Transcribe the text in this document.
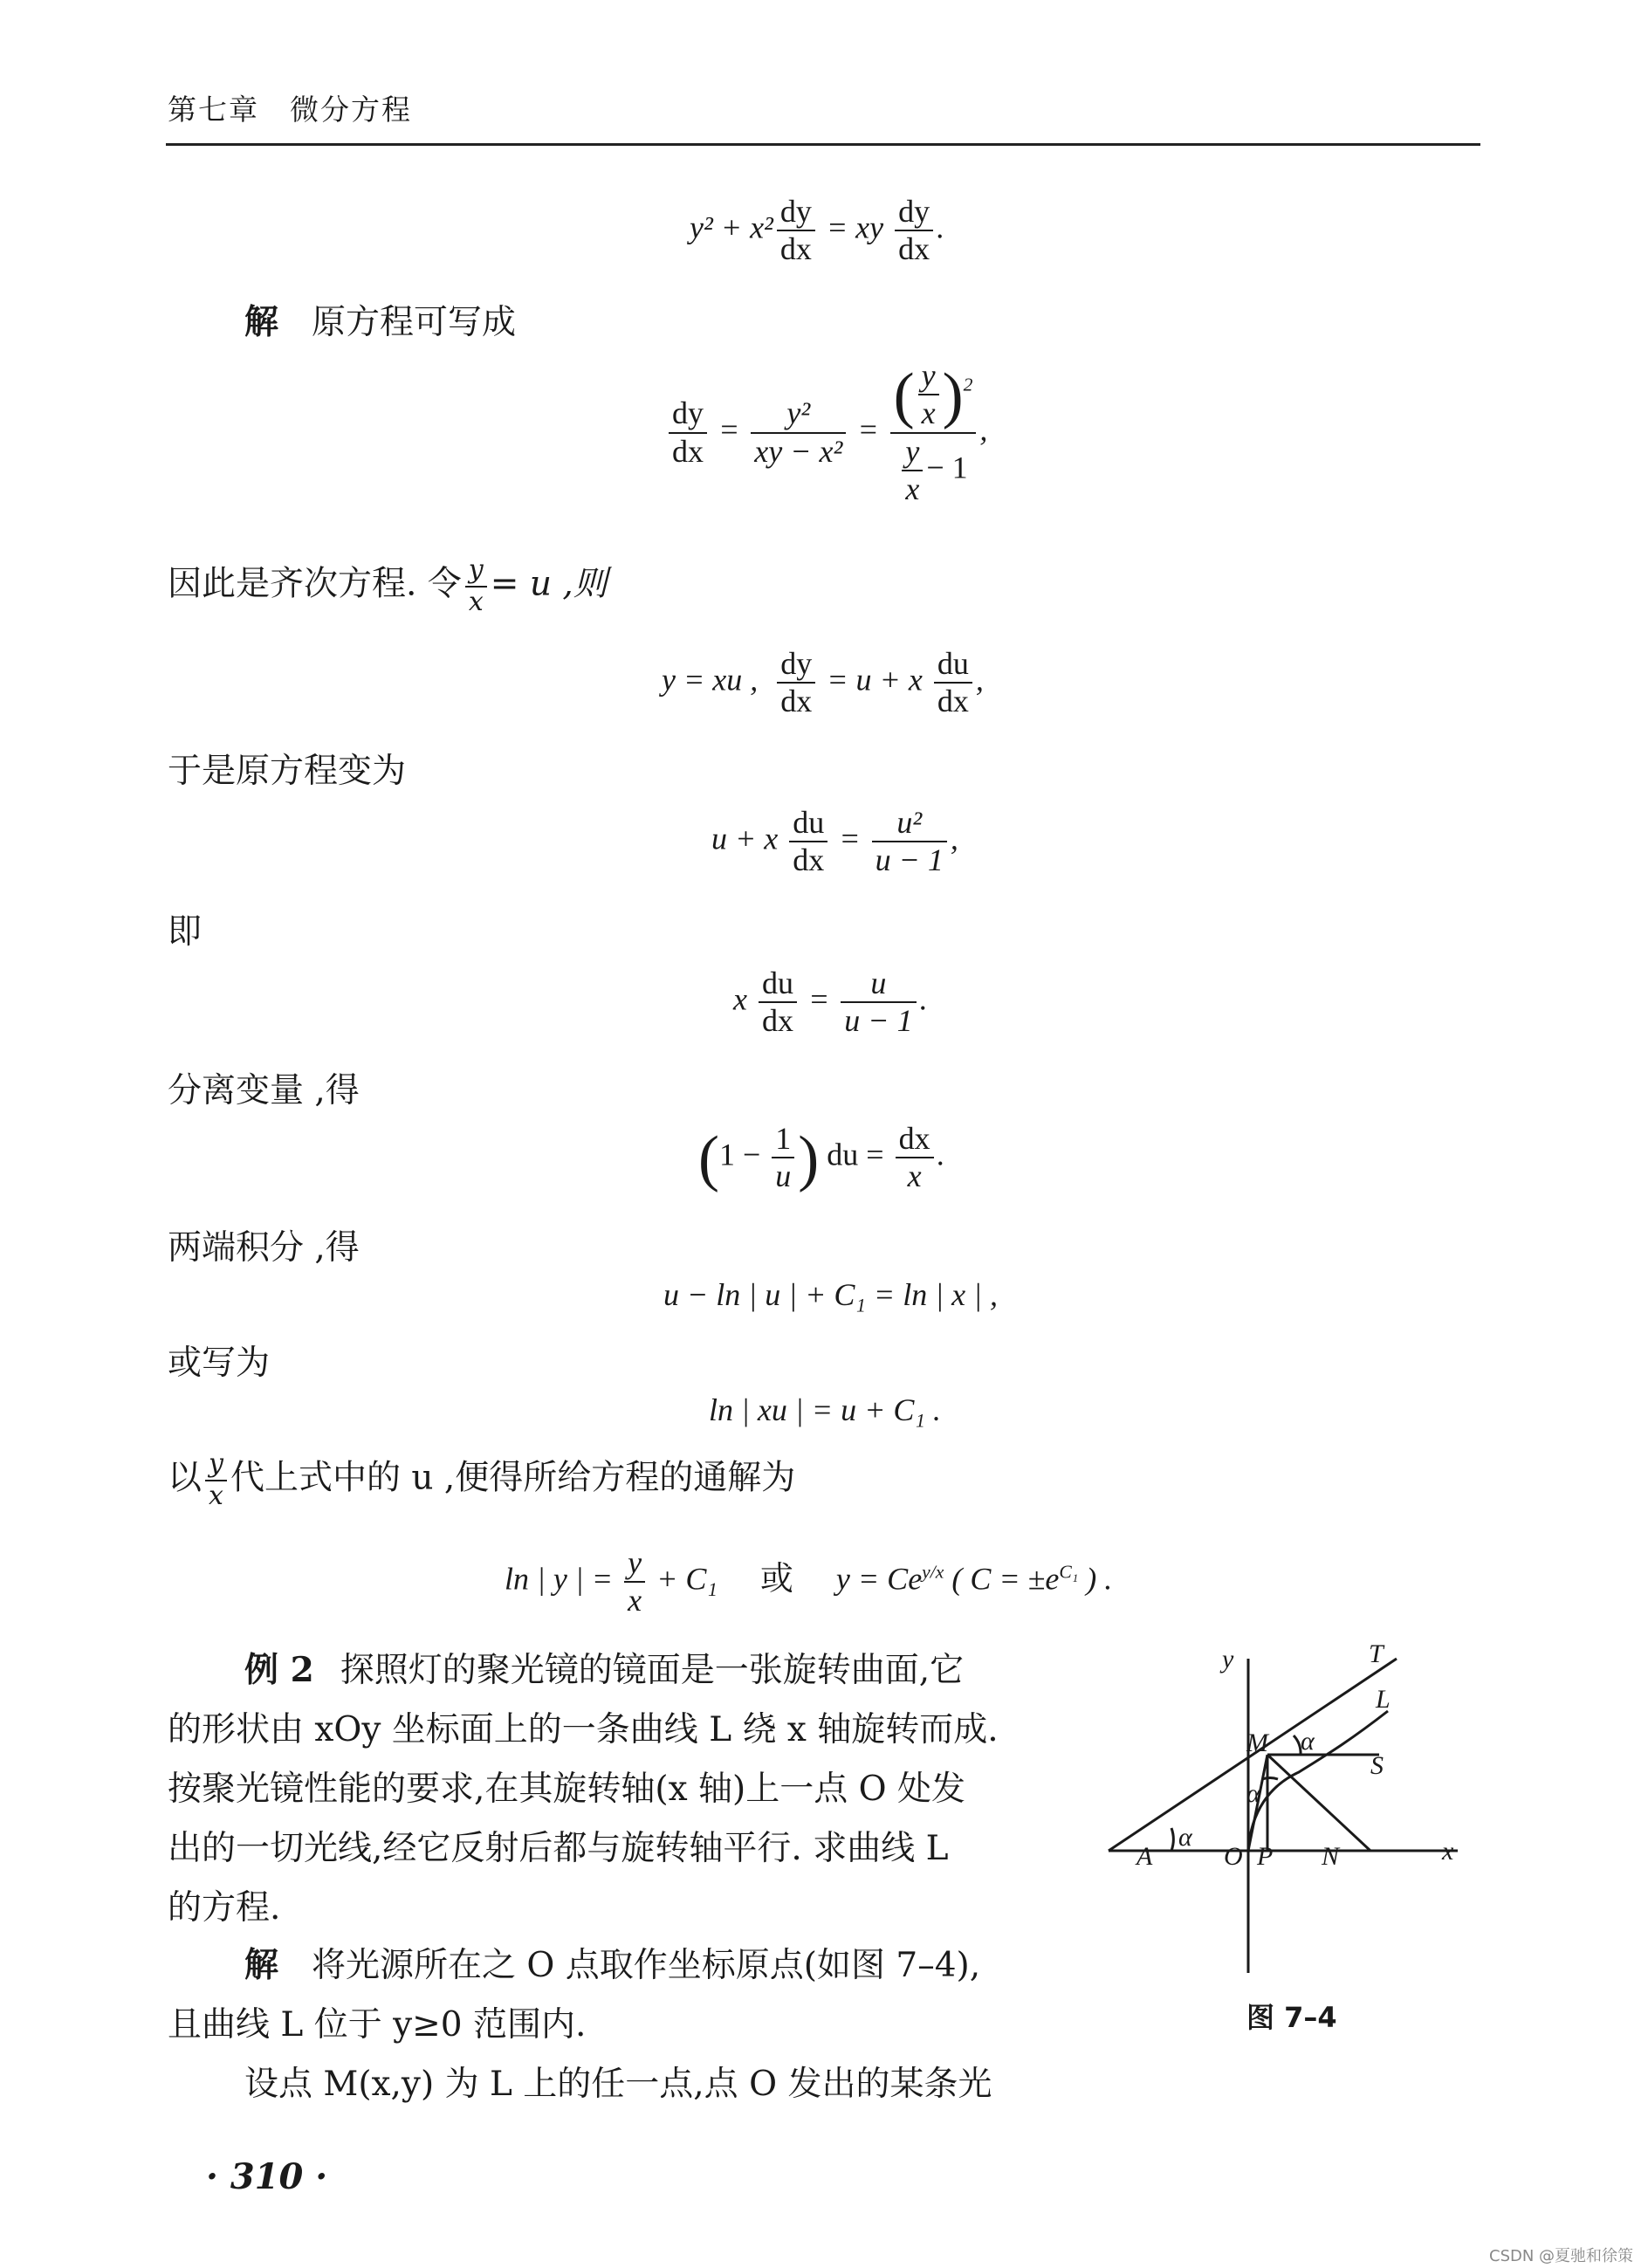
第七章　微分方程
$y^2 + x^2 \frac{dy}{dx}$ = xy $\frac{dy}{dx}$ .
解 原方程可写成
$\frac{dy}{dx} = \frac{\text{y²}}{\text{xy − x²}} = \frac{( \frac{y}{x} )^2}{\frac{y}{x} - 1}$ ,
因此是齐次方程. 令 $\frac{y}{x} = u$ ,则
y = xu , $\frac{dy}{dx} = u + x \frac{du}{dx}$ ,
于是原方程变为
u + x $\frac{du}{dx} = \frac{\text{u²}}{u - 1}$ ,
即
x $\frac{du}{dx} = \frac{u}{u - 1}$ .
分离变量 ,得
($1 - \frac{1}{u}$ ) du = $\frac{dx}{x}$ .
两端积分 ,得
u − ln | u | + C₁ = ln | x | ,
或写为
ln | xu | = u + C₁ .
以 $\frac{y}{x}$ 代上式中的 u ,便得所给方程的通解为
ln | y | = $\frac{y}{x} + C_1$ 或 $y = Ce^{y/x}$ ( $C = \pm e^{C_1}$ ) .
例 2 探照灯的聚光镜的镜面是一张旋转曲面,它
的形状由 xOy 坐标面上的一条曲线 L 绕 x 轴旋转而成.
按聚光镜性能的要求,在其旋转轴(x 轴)上一点 O 处发
出的一切光线,经它反射后都与旋转轴平行. 求曲线 L
的方程.
解 将光源所在之 O 点取作坐标原点(如图 7–4),
且曲线 L 位于 y≥0 范围内.
设点 M(x,y) 为 L 上的任一点,点 O 发出的某条光
y
x
T
L
M
S
A	O P N
α
α
α
图 7–4
· 310 ·
CSDN @夏驰和徐策
